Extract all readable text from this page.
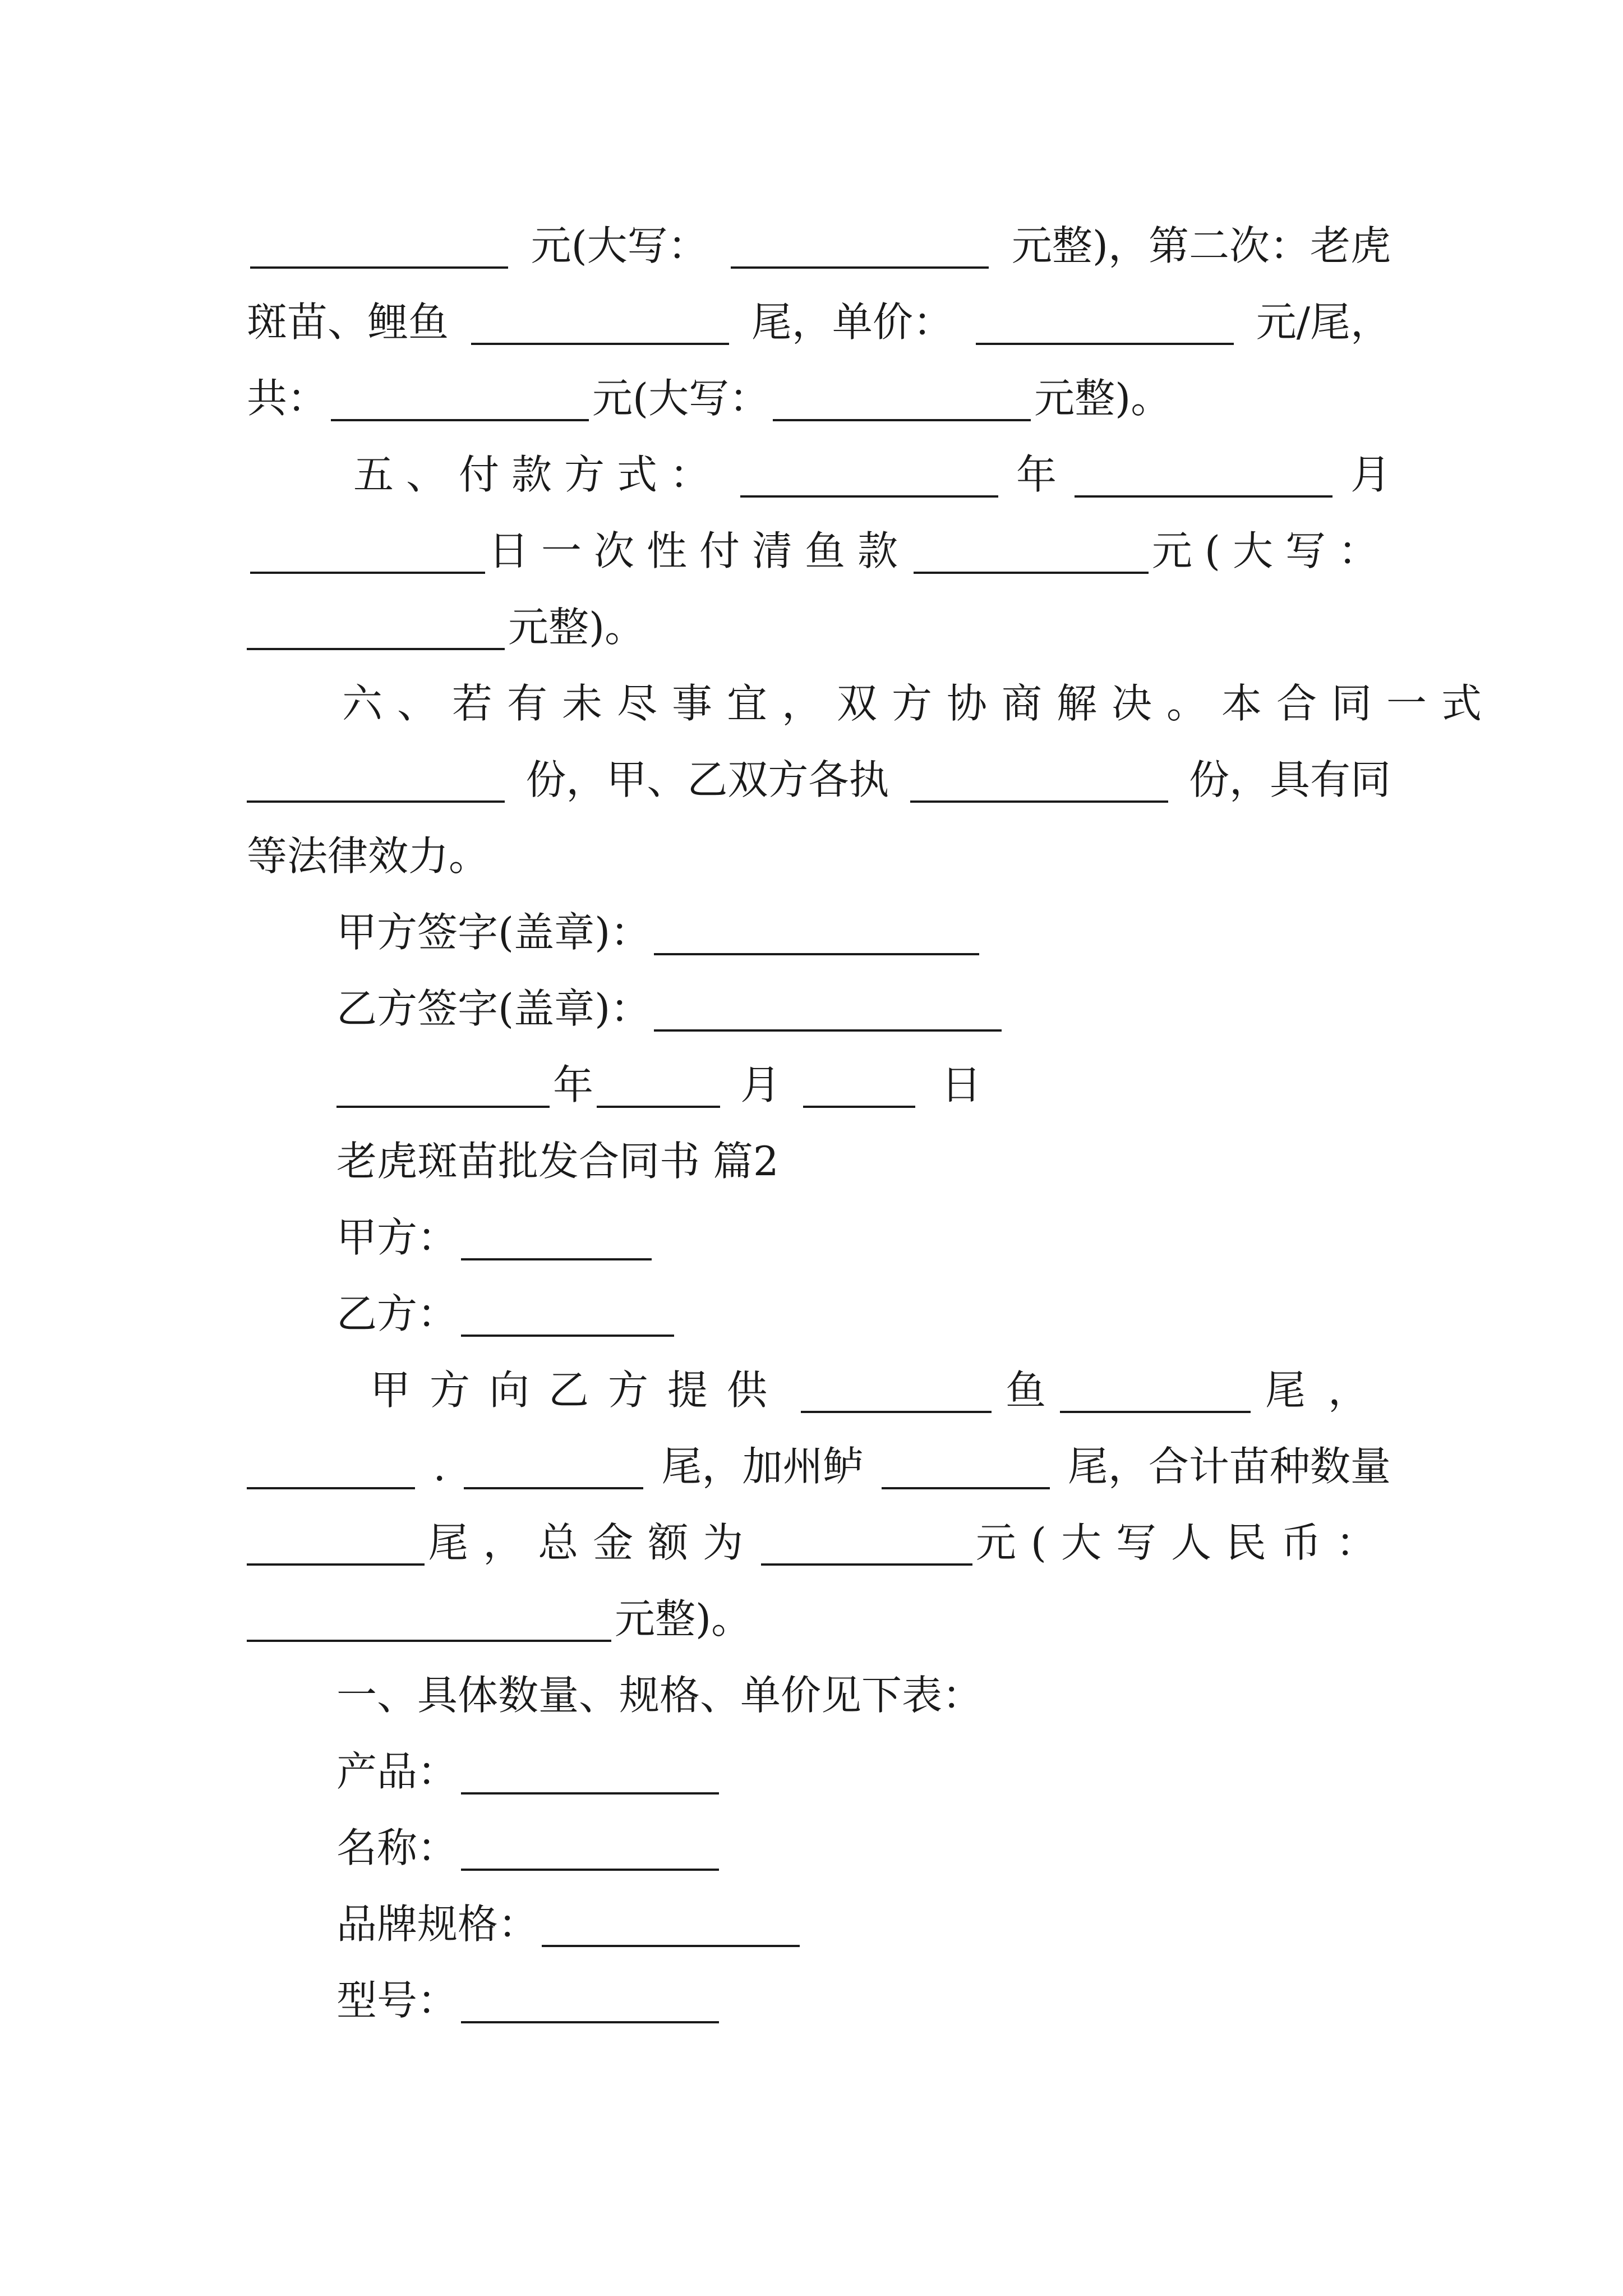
元(大写：	元整)，第二次：老虎
斑苗、鲤鱼	尾，单价：	元/尾，
共：	元(大写：	元整)。
五、付款方式：	年	月
日一次性付清鱼款	元(大写：
元整)。
六、若有未尽事宜，双方协商解决。本合同一式
份，甲、乙双方各执	份，具有同
等法律效力。
甲方签字(盖章)：
乙方签字(盖章)：
年	月	日
老虎斑苗批发合同书 篇2
甲方：
乙方：
甲方向乙方提供	鱼	尾，
.	尾，加州鲈	尾，合计苗种数量
尾，总金额为	元(大写人民币：
元整)。
一、具体数量、规格、单价见下表：
产品：
名称：
品牌规格：
型号：
